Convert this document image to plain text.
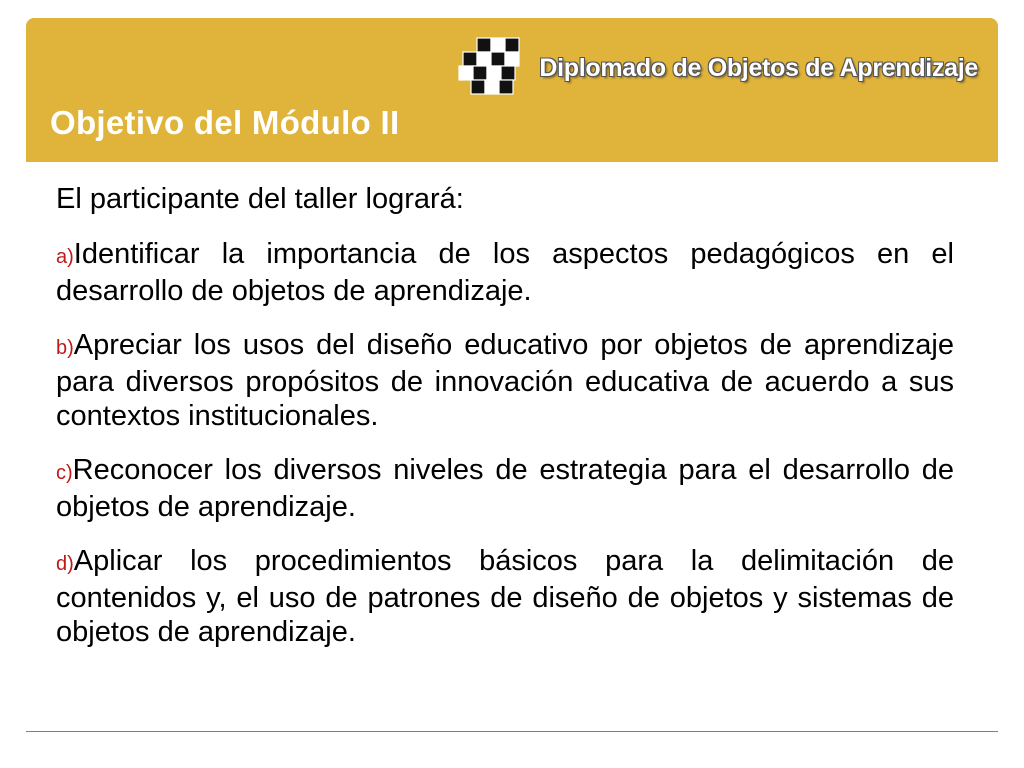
Diplomado de Objetos de Aprendizaje
Objetivo del Módulo II

El participante del taller logrará:

a)Identificar la importancia de los aspectos pedagógicos en el desarrollo de objetos de aprendizaje.

b)Apreciar los usos del diseño educativo por objetos de aprendizaje para diversos propósitos de innovación educativa de acuerdo a sus contextos institucionales.

c)Reconocer los diversos niveles de estrategia para el desarrollo de objetos de aprendizaje.

d)Aplicar los procedimientos básicos para la delimitación de contenidos y, el uso de patrones de diseño de objetos y sistemas de objetos de aprendizaje.
